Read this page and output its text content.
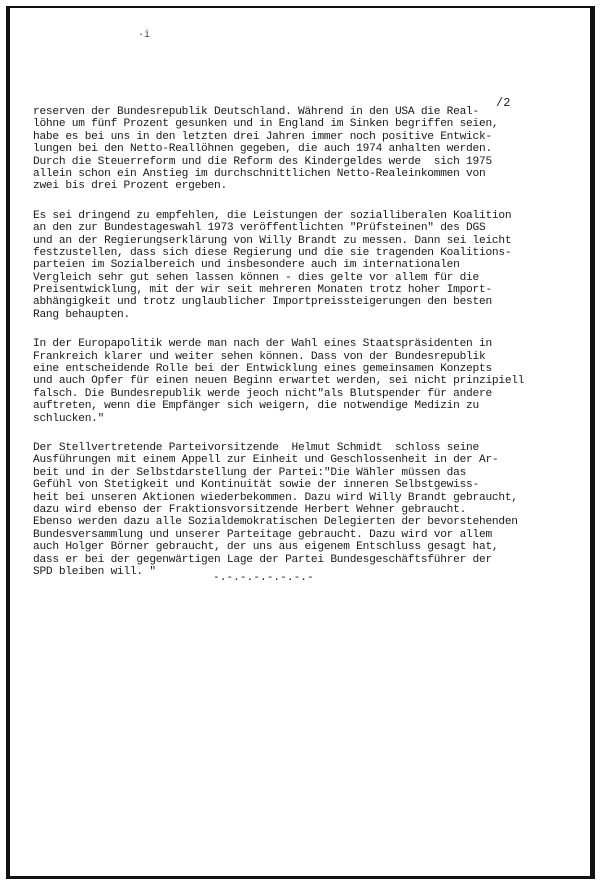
·i
/2
reserven der Bundesrepublik Deutschland. Während in den USA die Real-
löhne um fünf Prozent gesunken und in England im Sinken begriffen seien,
habe es bei uns in den letzten drei Jahren immer noch positive Entwick-
lungen bei den Netto-Reallöhnen gegeben, die auch 1974 anhalten werden.
Durch die Steuerreform und die Reform des Kindergeldes werde  sich 1975
allein schon ein Anstieg im durchschnittlichen Netto-Realeinkommen von
zwei bis drei Prozent ergeben.
Es sei dringend zu empfehlen, die Leistungen der sozialliberalen Koalition
an den zur Bundestageswahl 1973 veröffentlichten "Prüfsteinen" des DGS
und an der Regierungserklärung von Willy Brandt zu messen. Dann sei leicht
festzustellen, dass sich diese Regierung und die sie tragenden Koalitions-
parteien im Sozialbereich und insbesondere auch im internationalen
Vergleich sehr gut sehen lassen können - dies gelte vor allem für die
Preisentwicklung, mit der wir seit mehreren Monaten trotz hoher Import-
abhängigkeit und trotz unglaublicher Importpreissteigerungen den besten
Rang behaupten.
In der Europapolitik werde man nach der Wahl eines Staatspräsidenten in
Frankreich klarer und weiter sehen können. Dass von der Bundesrepublik
eine entscheidende Rolle bei der Entwicklung eines gemeinsamen Konzepts
und auch Opfer für einen neuen Beginn erwartet werden, sei nicht prinzipiell
falsch. Die Bundesrepublik werde jeoch nicht"als Blutspender für andere
auftreten, wenn die Empfänger sich weigern, die notwendige Medizin zu
schlucken."
Der Stellvertretende Parteivorsitzende  Helmut Schmidt  schloss seine
Ausführungen mit einem Appell zur Einheit und Geschlossenheit in der Ar-
beit und in der Selbstdarstellung der Partei:"Die Wähler müssen das
Gefühl von Stetigkeit und Kontinuität sowie der inneren Selbstgewiss-
heit bei unseren Aktionen wiederbekommen. Dazu wird Willy Brandt gebraucht,
dazu wird ebenso der Fraktionsvorsitzende Herbert Wehner gebraucht.
Ebenso werden dazu alle Sozialdemokratischen Delegierten der bevorstehenden
Bundesversammlung und unserer Parteitage gebraucht. Dazu wird vor allem
auch Holger Börner gebraucht, der uns aus eigenem Entschluss gesagt hat,
dass er bei der gegenwärtigen Lage der Partei Bundesgeschäftsführer der
SPD bleiben will. "
-.-.-.-.-.-.-.-
